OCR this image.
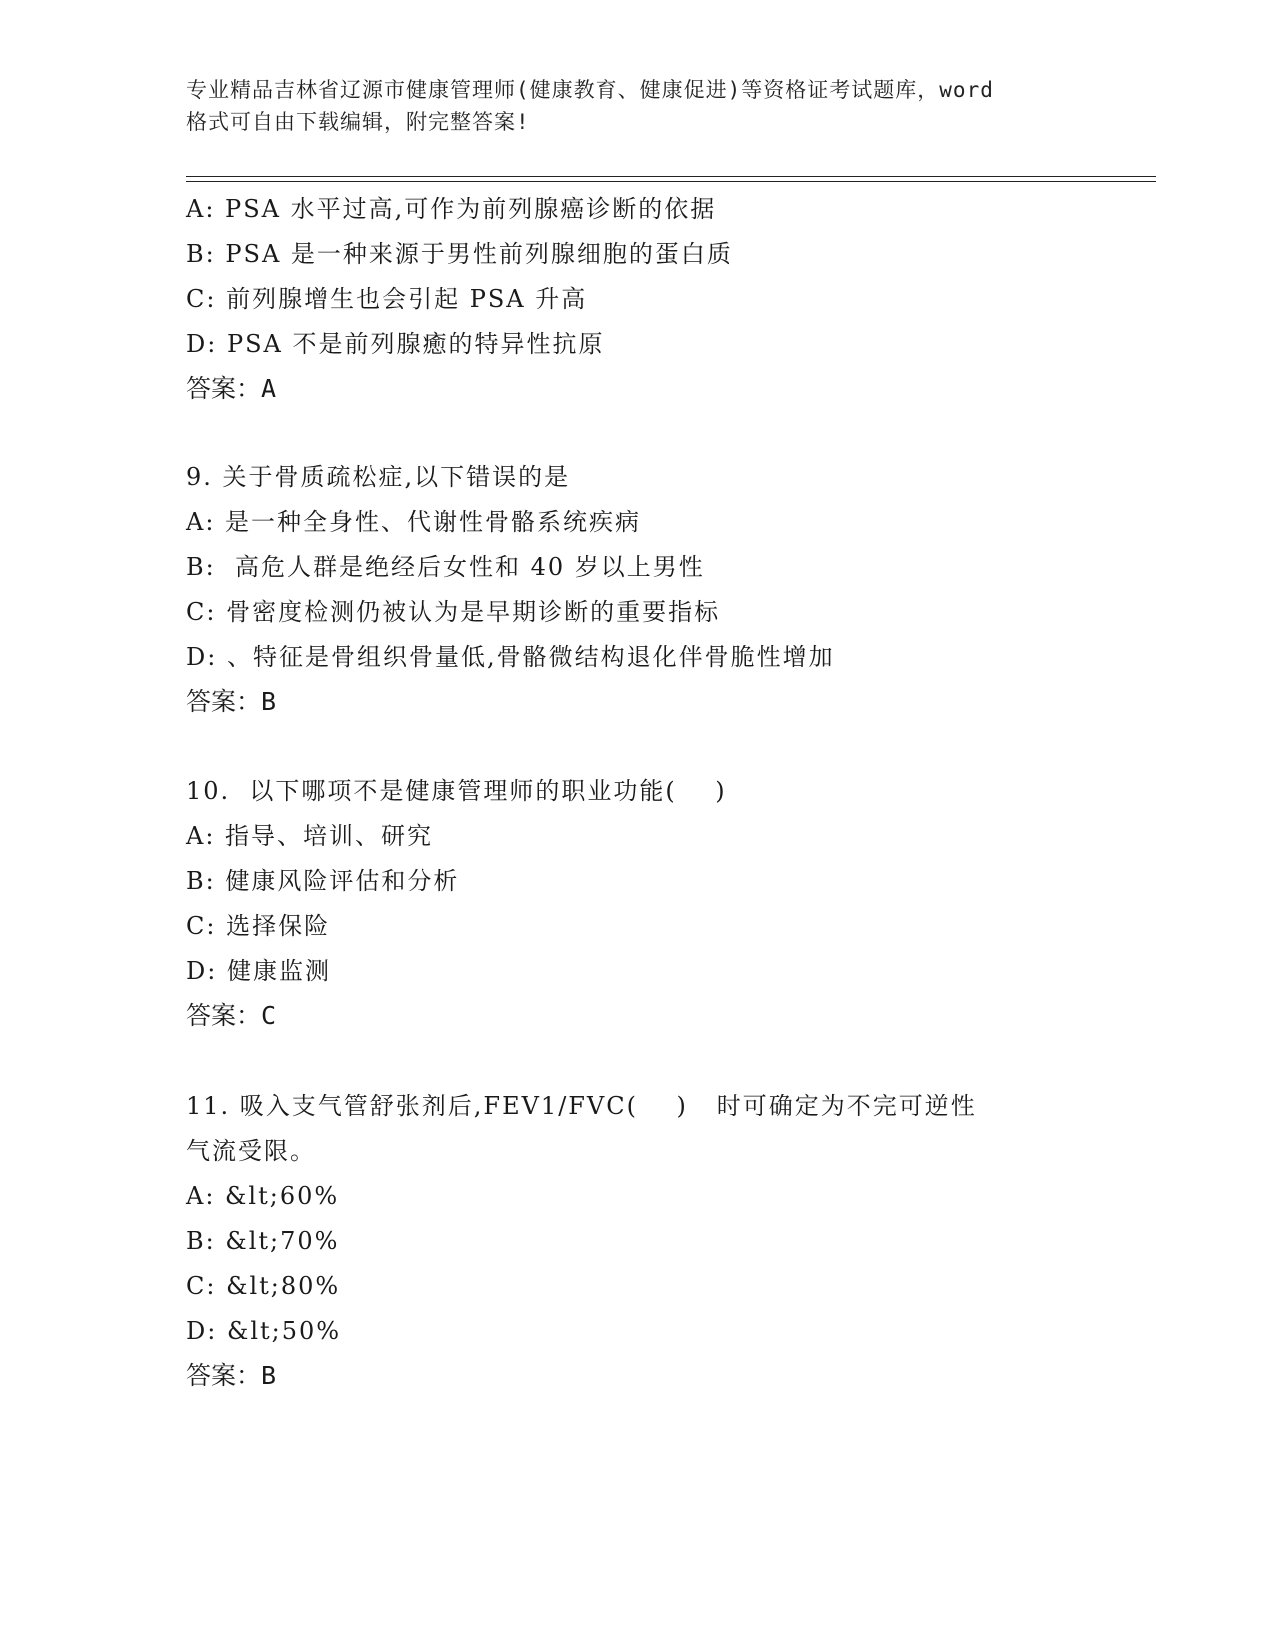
专业精品吉林省辽源市健康管理师(健康教育、健康促进)等资格证考试题库，word
格式可自由下载编辑，附完整答案!
A: PSA 水平过高,可作为前列腺癌诊断的依据
B: PSA 是一种来源于男性前列腺细胞的蛋白质
C: 前列腺增生也会引起 PSA 升高
D: PSA 不是前列腺癒的特异性抗原
答案：A
9. 关于骨质疏松症,以下错误的是
A: 是一种全身性、代谢性骨骼系统疾病
B:  高危人群是绝经后女性和 40 岁以上男性
C: 骨密度检测仍被认为是早期诊断的重要指标
D: 、特征是骨组织骨量低,骨骼微结构退化伴骨脆性增加
答案：B
10.  以下哪项不是健康管理师的职业功能(    )
A: 指导、培训、研究
B: 健康风险评估和分析
C: 选择保险
D: 健康监测
答案：C
11. 吸入支气管舒张剂后,FEV1/FVC(    )   时可确定为不完可逆性
气流受限。
A: &lt;60%
B: &lt;70%
C: &lt;80%
D: &lt;50%
答案：B
